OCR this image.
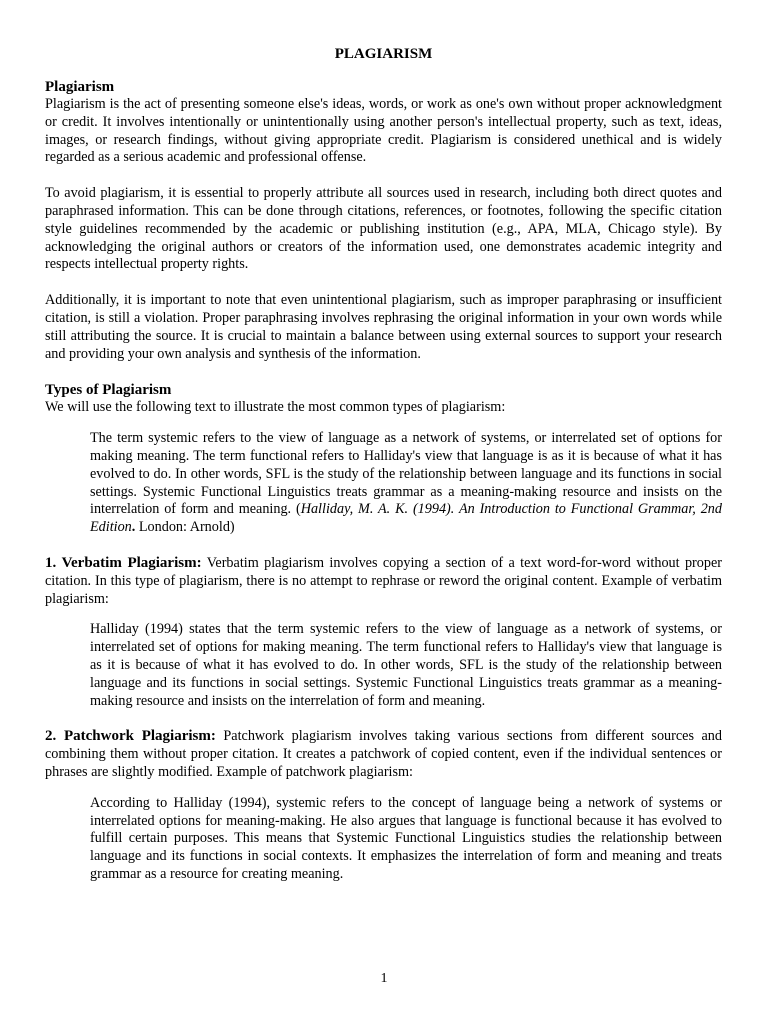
PLAGIARISM
Plagiarism

Plagiarism is the act of presenting someone else's ideas, words, or work as one's own without proper acknowledgment or credit. It involves intentionally or unintentionally using another person's intellectual property, such as text, ideas, images, or research findings, without giving appropriate credit. Plagiarism is considered unethical and is widely regarded as a serious academic and professional offense.

To avoid plagiarism, it is essential to properly attribute all sources used in research, including both direct quotes and paraphrased information. This can be done through citations, references, or footnotes, following the specific citation style guidelines recommended by the academic or publishing institution (e.g., APA, MLA, Chicago style). By acknowledging the original authors or creators of the information used, one demonstrates academic integrity and respects intellectual property rights.

Additionally, it is important to note that even unintentional plagiarism, such as improper paraphrasing or insufficient citation, is still a violation. Proper paraphrasing involves rephrasing the original information in your own words while still attributing the source. It is crucial to maintain a balance between using external sources to support your research and providing your own analysis and synthesis of the information.

Types of Plagiarism

We will use the following text to illustrate the most common types of plagiarism:

The term systemic refers to the view of language as a network of systems, or interrelated set of options for making meaning. The term functional refers to Halliday's view that language is as it is because of what it has evolved to do. In other words, SFL is the study of the relationship between language and its functions in social settings. Systemic Functional Linguistics treats grammar as a meaning-making resource and insists on the interrelation of form and meaning. (Halliday, M. A. K. (1994). An Introduction to Functional Grammar, 2nd Edition. London: Arnold)

1. Verbatim Plagiarism: Verbatim plagiarism involves copying a section of a text word-for-word without proper citation. In this type of plagiarism, there is no attempt to rephrase or reword the original content. Example of verbatim plagiarism:

Halliday (1994) states that the term systemic refers to the view of language as a network of systems, or interrelated set of options for making meaning. The term functional refers to Halliday's view that language is as it is because of what it has evolved to do. In other words, SFL is the study of the relationship between language and its functions in social settings. Systemic Functional Linguistics treats grammar as a meaning-making resource and insists on the interrelation of form and meaning.

2. Patchwork Plagiarism: Patchwork plagiarism involves taking various sections from different sources and combining them without proper citation. It creates a patchwork of copied content, even if the individual sentences or phrases are slightly modified. Example of patchwork plagiarism:

According to Halliday (1994), systemic refers to the concept of language being a network of systems or interrelated options for meaning-making. He also argues that language is functional because it has evolved to fulfill certain purposes. This means that Systemic Functional Linguistics studies the relationship between language and its functions in social contexts. It emphasizes the interrelation of form and meaning and treats grammar as a resource for creating meaning.
1
